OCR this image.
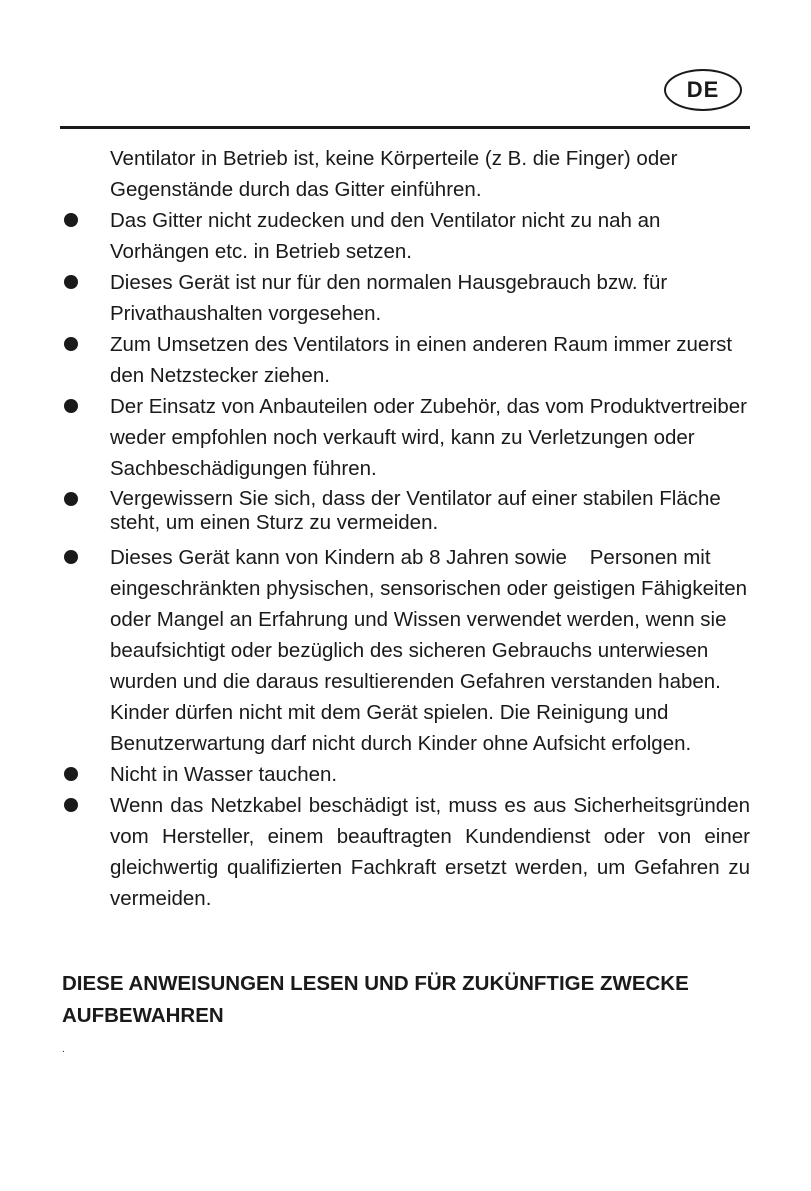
DE
Ventilator in Betrieb ist, keine Körperteile (z B. die Finger) oder Gegenstände durch das Gitter einführen.
Das Gitter nicht zudecken und den Ventilator nicht zu nah an Vorhängen etc. in Betrieb setzen.
Dieses Gerät ist nur für den normalen Hausgebrauch bzw. für Privathaushalten vorgesehen.
Zum Umsetzen des Ventilators in einen anderen Raum immer zuerst den Netzstecker ziehen.
Der Einsatz von Anbauteilen oder Zubehör, das vom Produktvertreiber weder empfohlen noch verkauft wird, kann zu Verletzungen oder Sachbeschädigungen führen.
Vergewissern Sie sich, dass der Ventilator auf einer stabilen Fläche steht, um einen Sturz zu vermeiden.
Dieses Gerät kann von Kindern ab 8 Jahren sowie    Personen mit eingeschränkten physischen, sensorischen oder geistigen Fähigkeiten oder Mangel an Erfahrung und Wissen verwendet werden, wenn sie beaufsichtigt oder bezüglich des sicheren Gebrauchs unterwiesen wurden und die daraus resultierenden Gefahren verstanden haben. Kinder dürfen nicht mit dem Gerät spielen. Die Reinigung und Benutzerwartung darf nicht durch Kinder ohne Aufsicht erfolgen.
Nicht in Wasser tauchen.
Wenn das Netzkabel beschädigt ist, muss es aus Sicherheitsgründen vom Hersteller, einem beauftragten Kundendienst oder von einer gleichwertig qualifizierten Fachkraft ersetzt werden, um Gefahren zu vermeiden.
DIESE ANWEISUNGEN LESEN UND FÜR ZUKÜNFTIGE ZWECKE AUFBEWAHREN
.
